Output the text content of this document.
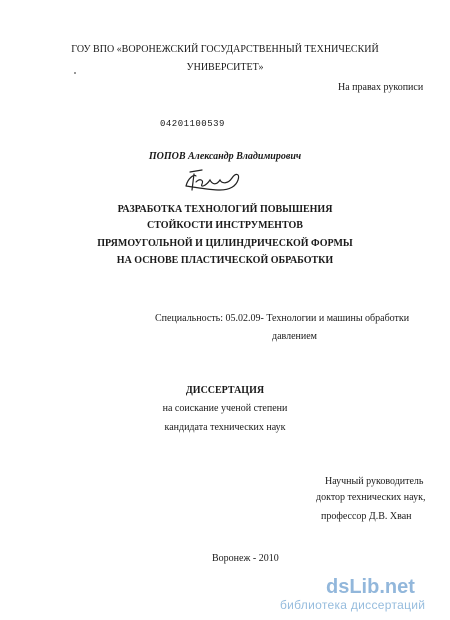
ГОУ ВПО «ВОРОНЕЖСКИЙ ГОСУДАРСТВЕННЫЙ ТЕХНИЧЕСКИЙ
УНИВЕРСИТЕТ»
На правах рукописи
04201100539
ПОПОВ Александр Владимирович
РАЗРАБОТКА ТЕХНОЛОГИЙ ПОВЫШЕНИЯ
СТОЙКОСТИ ИНСТРУМЕНТОВ
ПРЯМОУГОЛЬНОЙ И ЦИЛИНДРИЧЕСКОЙ ФОРМЫ
НА ОСНОВЕ ПЛАСТИЧЕСКОЙ ОБРАБОТКИ
Специальность: 05.02.09- Технологии и машины обработки
давлением
ДИССЕРТАЦИЯ
на соискание ученой степени
кандидата технических наук
Научный руководитель
доктор технических наук,
профессор Д.В. Хван
Воронеж - 2010
dsLib.net
библиотека диссертаций
